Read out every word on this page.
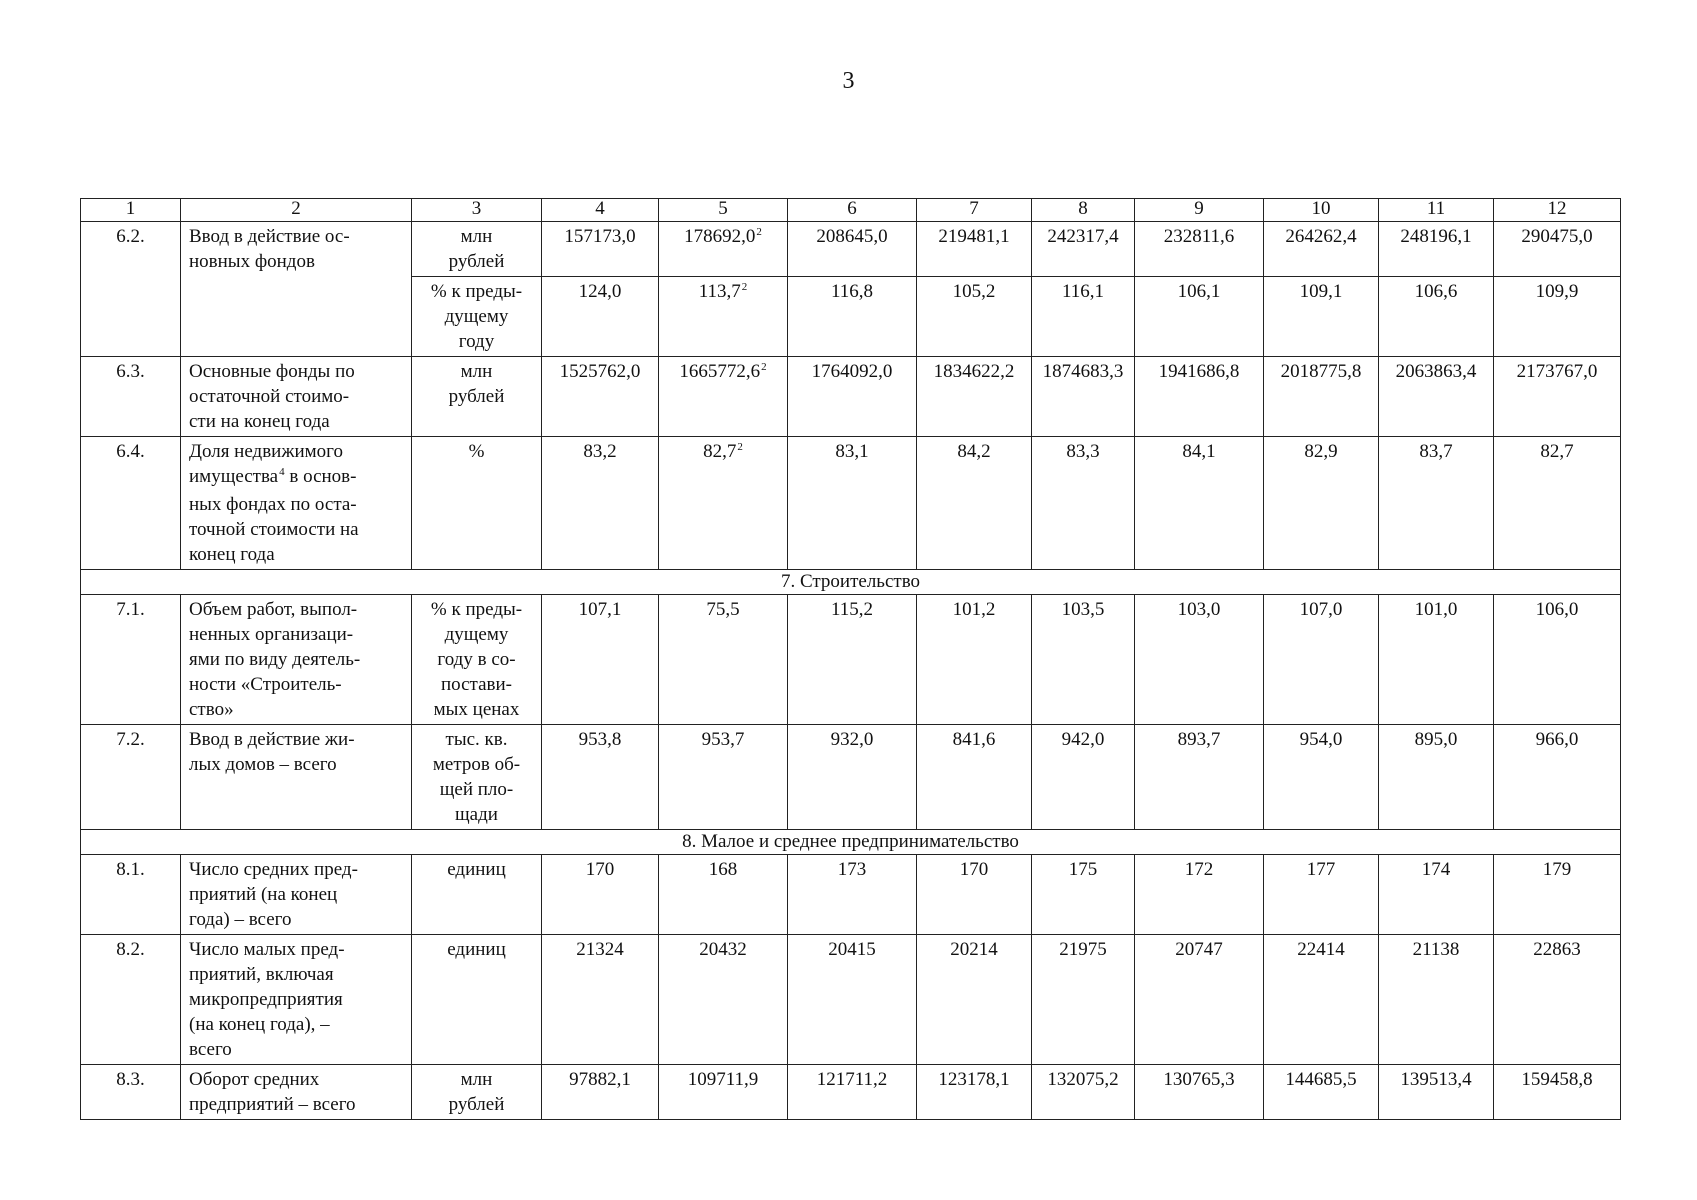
3
1	2	3	4	5	6	7	8	9	10	11	12
6.2.	Ввод в действие ос-
новных фондов	млн
рублей	157173,0	178692,0$^2$	208645,0	219481,1	242317,4	232811,6	264262,4	248196,1	290475,0
		% к преды-
дущему
году	124,0	113,7$^2$	116,8	105,2	116,1	106,1	109,1	106,6	109,9
6.3.	Основные фонды по
остаточной стоимо-
сти на конец года	млн
рублей	1525762,0	1665772,6$^2$	1764092,0	1834622,2	1874683,3	1941686,8	2018775,8	2063863,4	2173767,0
6.4.	Доля недвижимого
имущества$^4$ в основ-
ных фондах по оста-
точной стоимости на
конец года	%	83,2	82,7$^2$	83,1	84,2	83,3	84,1	82,9	83,7	82,7
7. Строительство											
7.1.	Объем работ, выпол-
ненных организаци-
ями по виду деятель-
ности «Строитель-
ство»	% к преды-
дущему
году в со-
постави-
мых ценах	107,1	75,5	115,2	101,2	103,5	103,0	107,0	101,0	106,0
7.2.	Ввод в действие жи-
лых домов – всего	тыс. кв.
метров об-
щей пло-
щади	953,8	953,7	932,0	841,6	942,0	893,7	954,0	895,0	966,0
8. Малое и среднее предпринимательство											
8.1.	Число средних пред-
приятий (на конец
года) – всего	единиц	170	168	173	170	175	172	177	174	179
8.2.	Число малых пред-
приятий, включая
микропредприятия
(на конец года), –
всего	единиц	21324	20432	20415	20214	21975	20747	22414	21138	22863
8.3.	Оборот средних
предприятий – всего	млн
рублей	97882,1	109711,9	121711,2	123178,1	132075,2	130765,3	144685,5	139513,4	159458,8
